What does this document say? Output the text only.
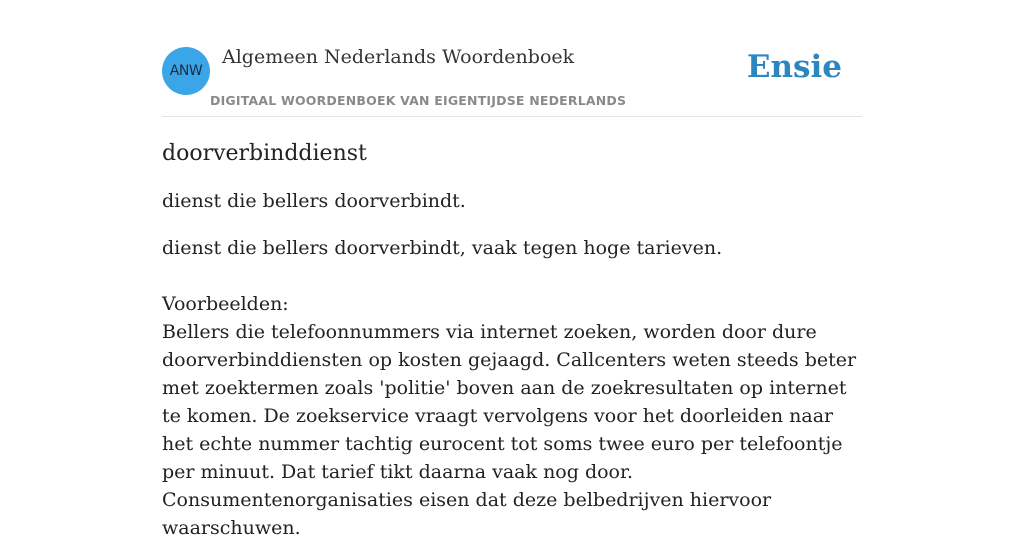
ANW
Algemeen Nederlands Woordenboek
DIGITAAL WOORDENBOEK VAN EIGENTIJDSE NEDERLANDS
Ensie
doorverbinddienst

dienst die bellers doorverbindt.

dienst die bellers doorverbindt, vaak tegen hoge tarieven.

Voorbeelden:

Bellers die telefoonnummers via internet zoeken, worden door dure doorverbinddiensten op kosten gejaagd. Callcenters weten steeds beter met zoektermen zoals 'politie' boven aan de zoekresultaten op internet te komen. De zoekservice vraagt vervolgens voor het doorleiden naar het echte nummer tachtig eurocent tot soms twee euro per telefoontje per minuut. Dat tarief tikt daarna vaak nog door. Consumentenorganisaties eisen dat deze belbedrijven hiervoor waarschuwen.
